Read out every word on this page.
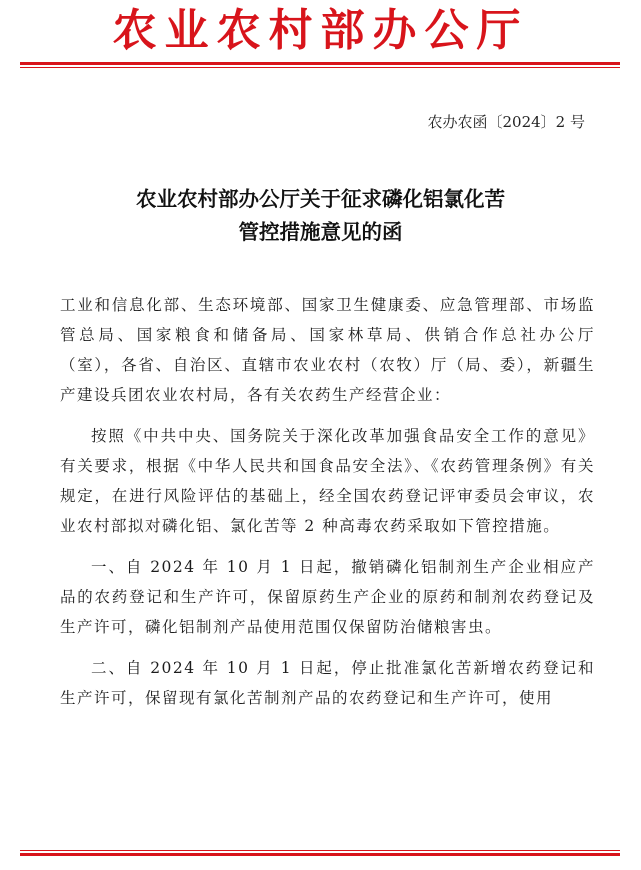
农业农村部办公厅
农办农函〔2024〕2 号
农业农村部办公厅关于征求磷化铝氯化苦
管控措施意见的函

工业和信息化部、生态环境部、国家卫生健康委、应急管理部、市场监管总局、国家粮食和储备局、国家林草局、供销合作总社办公厅（室），各省、自治区、直辖市农业农村（农牧）厅（局、委），新疆生产建设兵团农业农村局，各有关农药生产经营企业：

按照《中共中央、国务院关于深化改革加强食品安全工作的意见》有关要求，根据《中华人民共和国食品安全法》、《农药管理条例》有关规定，在进行风险评估的基础上，经全国农药登记评审委员会审议，农业农村部拟对磷化铝、氯化苦等 2 种高毒农药采取如下管控措施。

一、自 2024 年 10 月 1 日起，撤销磷化铝制剂生产企业相应产品的农药登记和生产许可，保留原药生产企业的原药和制剂农药登记及生产许可，磷化铝制剂产品使用范围仅保留防治储粮害虫。

二、自 2024 年 10 月 1 日起，停止批准氯化苦新增农药登记和生产许可，保留现有氯化苦制剂产品的农药登记和生产许可，使用
